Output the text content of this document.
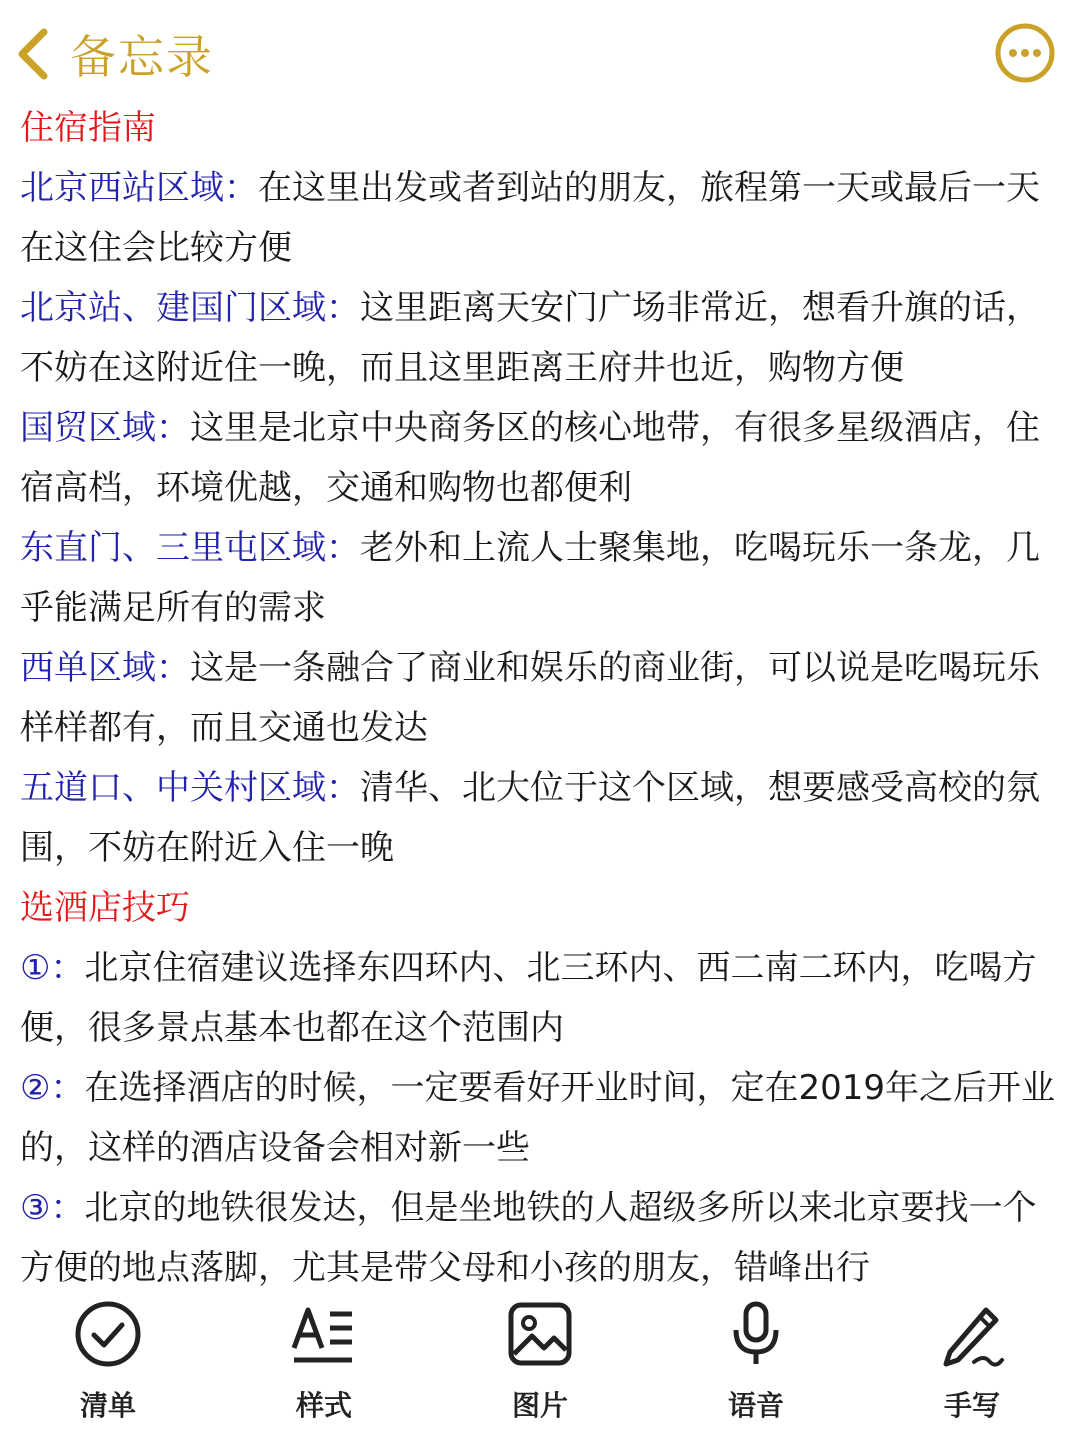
备忘录

住宿指南

北京西站区域：在这里出发或者到站的朋友，旅程第一天或最后一天在这住会比较方便

北京站、建国门区域：这里距离天安门广场非常近，想看升旗的话，不妨在这附近住一晚，而且这里距离王府井也近，购物方便

国贸区域：这里是北京中央商务区的核心地带，有很多星级酒店，住宿高档，环境优越，交通和购物也都便利

东直门、三里屯区域：老外和上流人士聚集地，吃喝玩乐一条龙，几乎能满足所有的需求

西单区域：这是一条融合了商业和娱乐的商业街，可以说是吃喝玩乐样样都有，而且交通也发达

五道口、中关村区域：清华、北大位于这个区域，想要感受高校的氛围，不妨在附近入住一晚

选酒店技巧

①：北京住宿建议选择东四环内、北三环内、西二南二环内，吃喝方便，很多景点基本也都在这个范围内

②：在选择酒店的时候，一定要看好开业时间，定在2019年之后开业的，这样的酒店设备会相对新一些

③：北京的地铁很发达，但是坐地铁的人超级多所以来北京要找一个方便的地点落脚，尤其是带父母和小孩的朋友，错峰出行

清单	样式	图片	语音	手写
